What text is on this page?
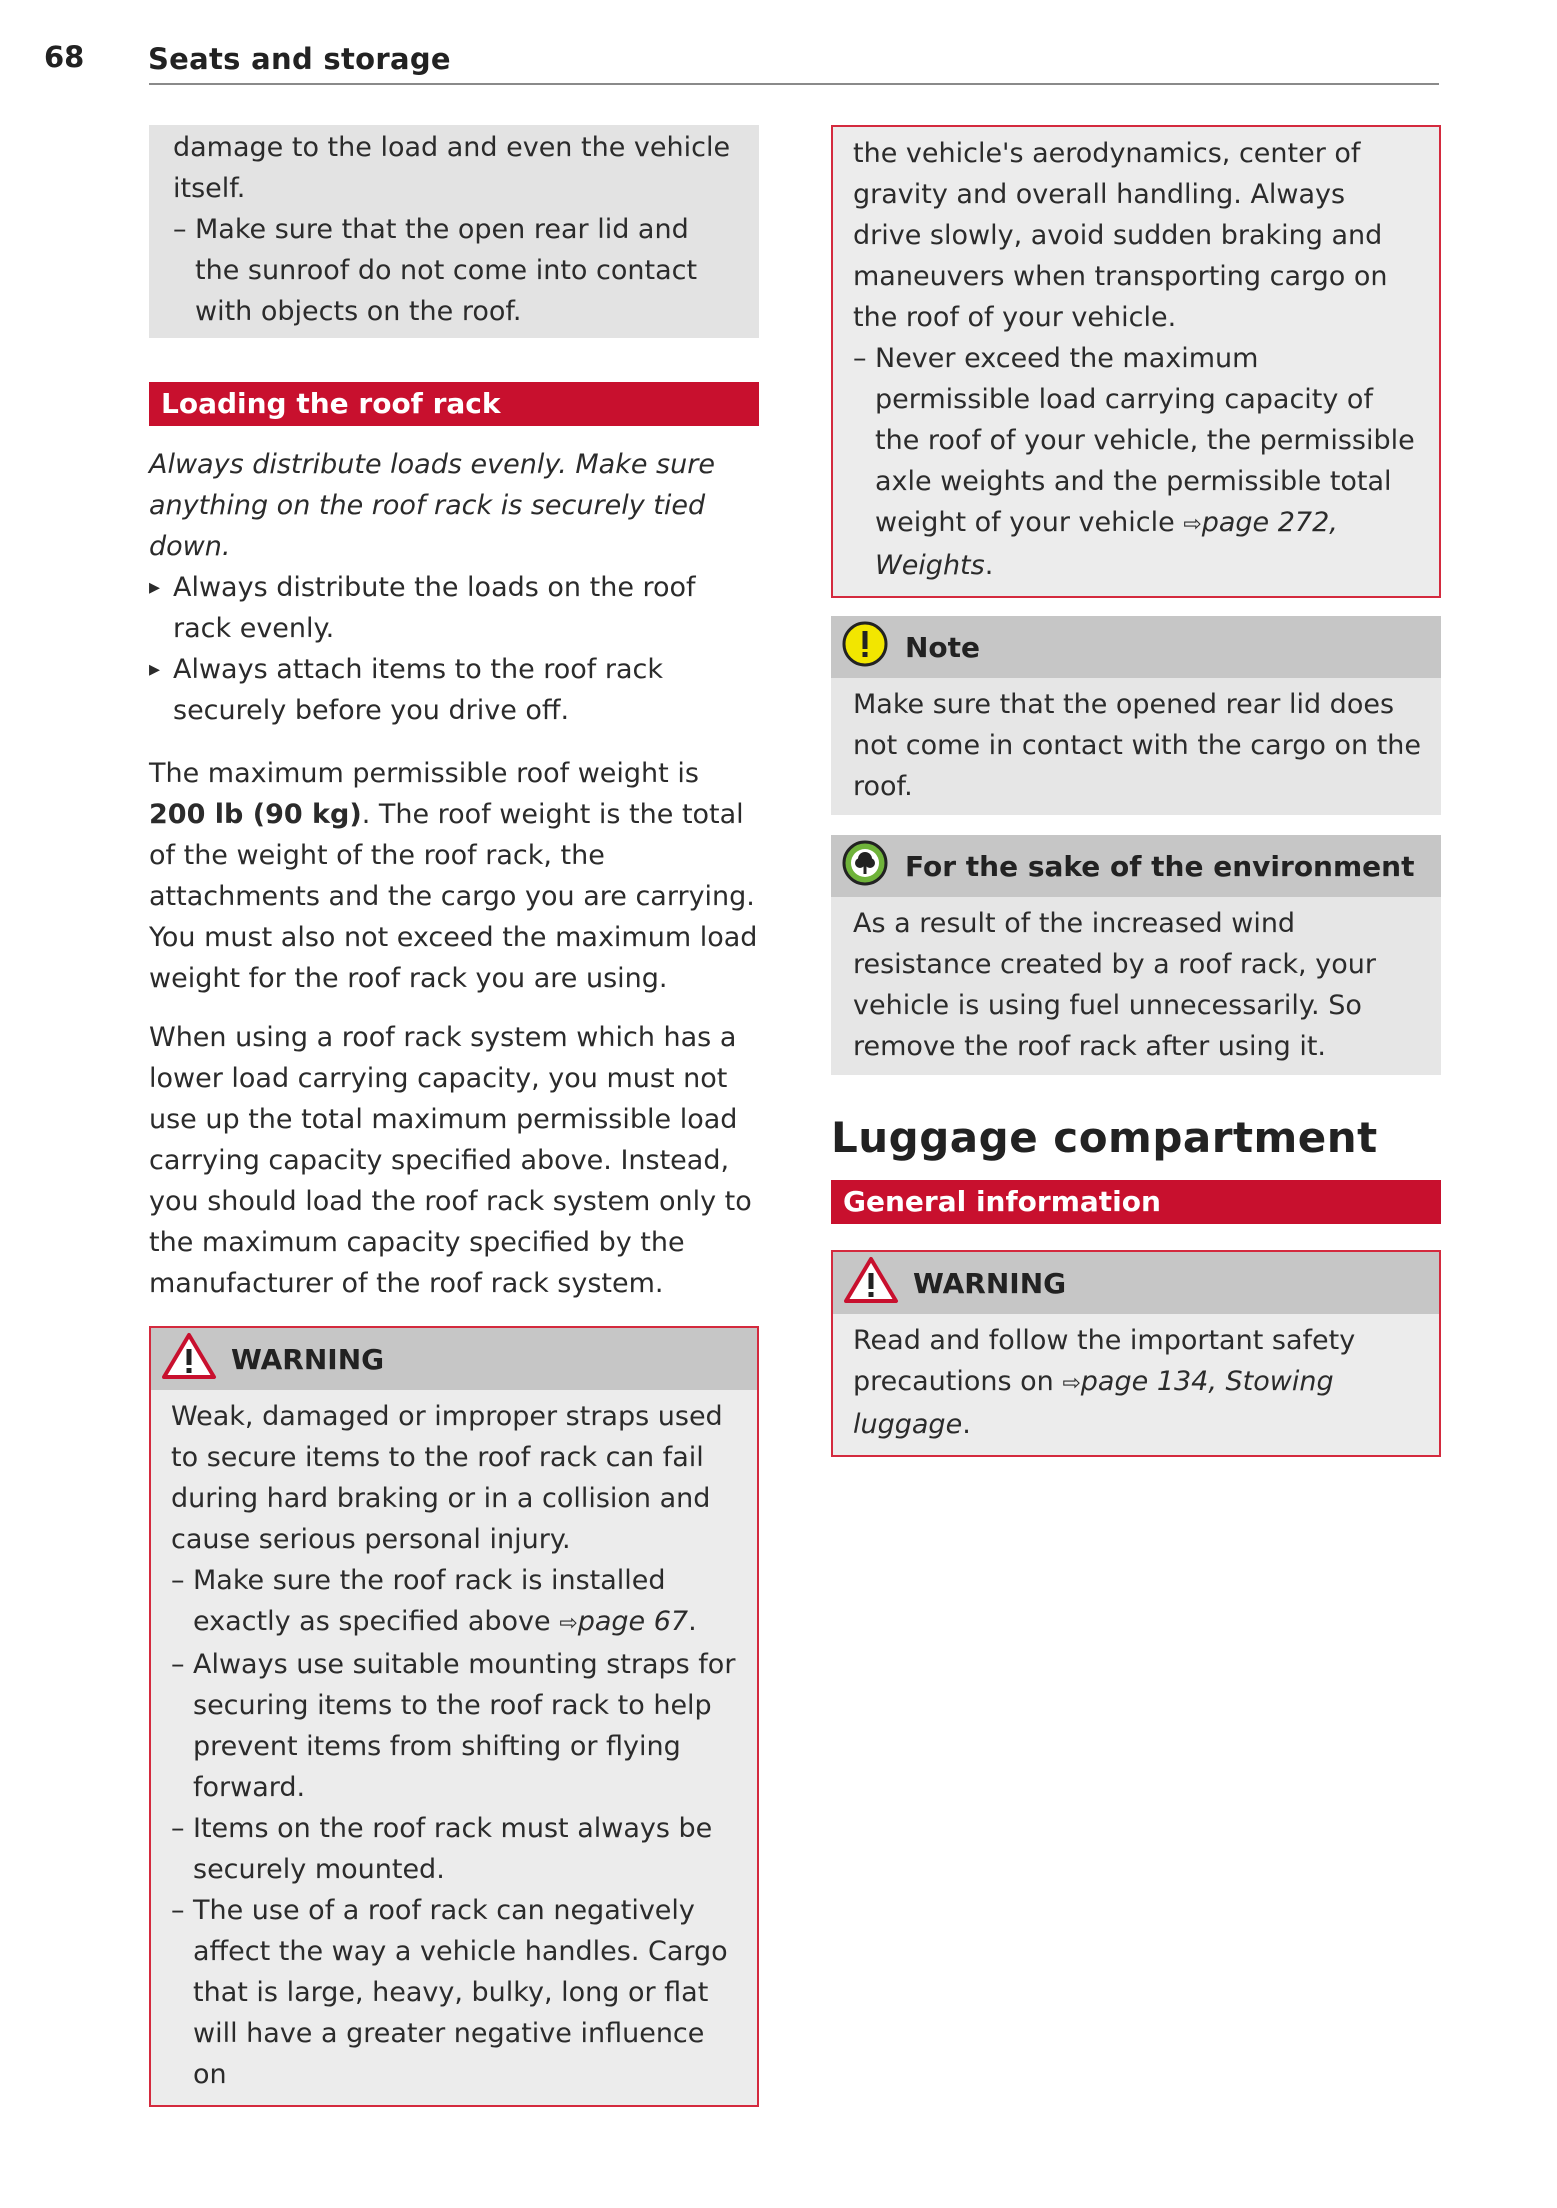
68 Seats and storage

damage to the load and even the vehicle itself.

– Make sure that the open rear lid and the sunroof do not come into contact with objects on the roof.
Loading the roof rack

Always distribute loads evenly. Make sure anything on the roof rack is securely tied down.

▸ Always distribute the loads on the roof rack evenly.
▸ Always attach items to the roof rack securely before you drive off.

The maximum permissible roof weight is 200 lb (90 kg). The roof weight is the total of the weight of the roof rack, the attachments and the cargo you are carrying. You must also not exceed the maximum load weight for the roof rack you are using.

When using a roof rack system which has a lower load carrying capacity, you must not use up the total maximum permissible load carrying capacity specified above. Instead, you should load the roof rack system only to the maximum capacity specified by the manufacturer of the roof rack system.

WARNING

Weak, damaged or improper straps used to secure items to the roof rack can fail during hard braking or in a collision and cause serious personal injury.

– Make sure the roof rack is installed exactly as specified above ⇨page 67.
– Always use suitable mounting straps for securing items to the roof rack to help prevent items from shifting or flying forward.
– Items on the roof rack must always be securely mounted.
– The use of a roof rack can negatively affect the way a vehicle handles. Cargo that is large, heavy, bulky, long or flat will have a greater negative influence on

the vehicle's aerodynamics, center of gravity and overall handling. Always drive slowly, avoid sudden braking and maneuvers when transporting cargo on the roof of your vehicle.

– Never exceed the maximum permissible load carrying capacity of the roof of your vehicle, the permissible axle weights and the permissible total weight of your vehicle ⇨page 272, Weights.
Note

Make sure that the opened rear lid does not come in contact with the cargo on the roof.

For the sake of the environment

As a result of the increased wind resistance created by a roof rack, your vehicle is using fuel unnecessarily. So remove the roof rack after using it.

Luggage compartment
General information
WARNING

Read and follow the important safety precautions on ⇨page 134, Stowing luggage.
